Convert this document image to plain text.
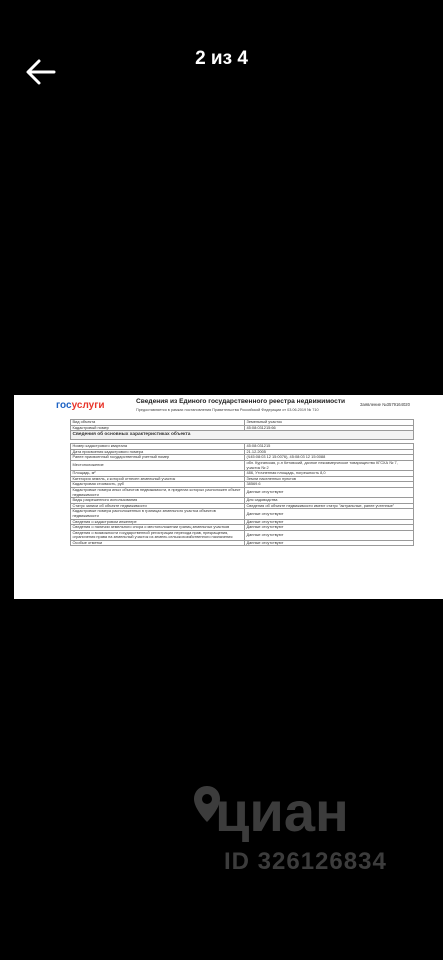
2 из 4
госуслуги	Сведения из Единого государственного реестра недвижимости
Предоставляется в рамках постановления Правительства Российской Федерации от 03.06.2019 № 710
Заявление №3579164020
Вид объекта	Земельный участок
Кадастровый номер	45:08:031215:66
Сведения об основных характеристиках объекта	

Номер кадастрового квартала	45:08:031215
Дата присвоения кадастрового номера	21.12.2005
Ранее присвоенный государственный учетный номер	(Ч45:08:03 12 15:0076), 45:08:03 12 15:0088
Местоположение	обл. Курганская, р-н Кетовский, дачное некоммерческое товарищество КГСХА № 7, участок № 2
Площадь, м²	486, Уточненная площадь, погрешность 8,0
Категория земель, к которой отнесен земельный участок	Земли населенных пунктов
Кадастровая стоимость, руб	38569.6
Кадастровые номера иных объектов недвижимости, в пределах которых расположен объект недвижимости	Данные отсутствуют
Виды разрешенного использования	Для садоводства
Статус записи об объекте недвижимости	Сведения об объекте недвижимости имеют статус "актуальные, ранее учтенные"
Кадастровые номера расположенных в границах земельного участка объектов недвижимости	Данные отсутствуют
Сведения о кадастровом инженере	Данные отсутствуют
Сведения о наличии земельного спора о местоположении границ земельных участков	Данные отсутствуют
Сведения о возможности государственной регистрации перехода прав, прекращения, ограничения права на земельный участок из земель сельскохозяйственного назначения	Данные отсутствуют
Особые отметки	Данные отсутствуют
циан
ID 326126834
